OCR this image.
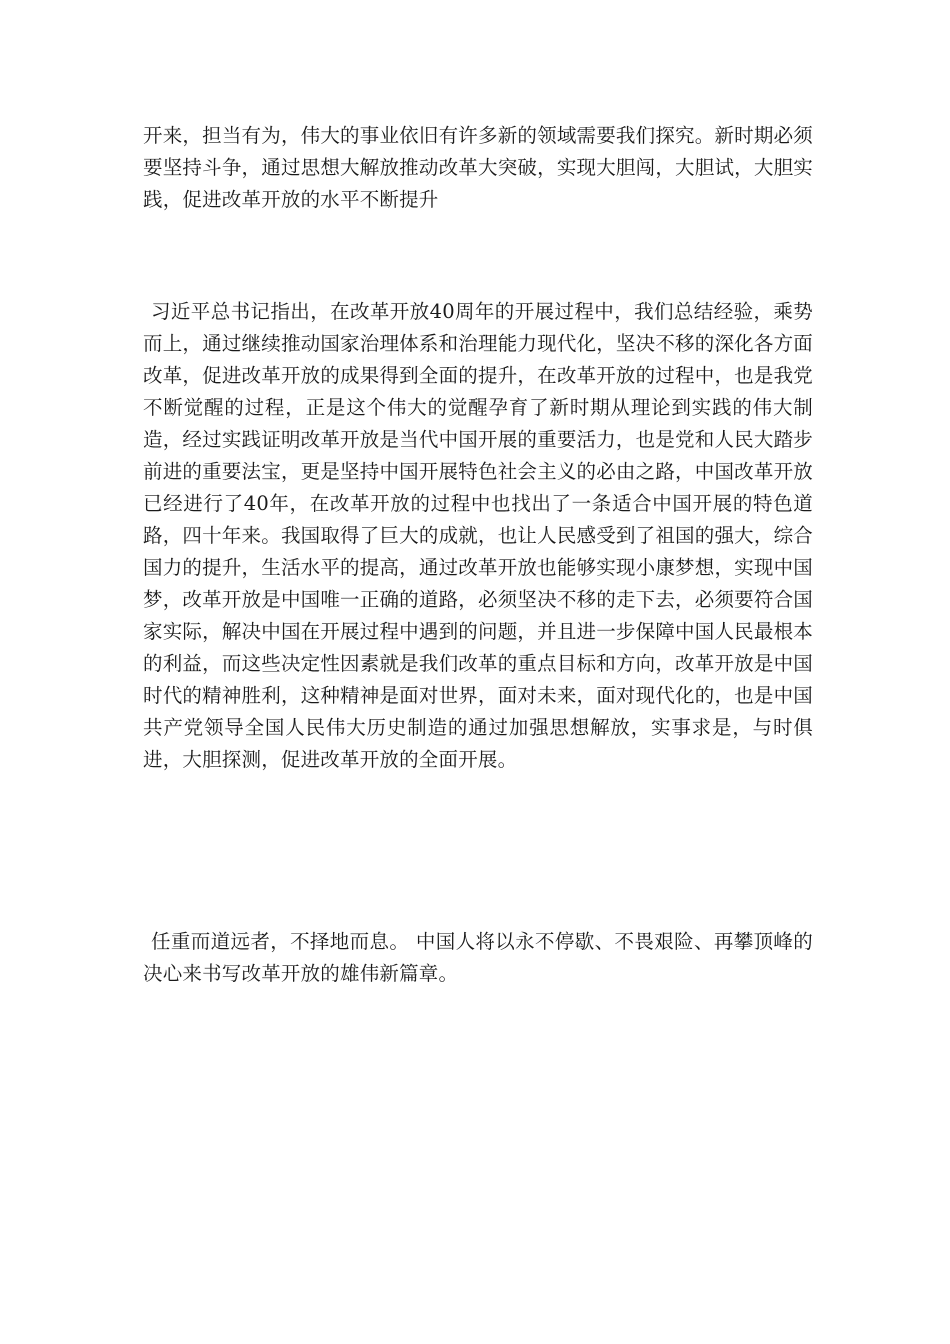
开来，担当有为，伟大的事业依旧有许多新的领域需要我们探究。新时期必须要坚持斗争，通过思想大解放推动改革大突破，实现大胆闯，大胆试，大胆实践，促进改革开放的水平不断提升

习近平总书记指出，在改革开放40周年的开展过程中，我们总结经验，乘势而上，通过继续推动国家治理体系和治理能力现代化，坚决不移的深化各方面改革，促进改革开放的成果得到全面的提升，在改革开放的过程中，也是我党不断觉醒的过程，正是这个伟大的觉醒孕育了新时期从理论到实践的伟大制造，经过实践证明改革开放是当代中国开展的重要活力，也是党和人民大踏步前进的重要法宝，更是坚持中国开展特色社会主义的必由之路，中国改革开放已经进行了40年，在改革开放的过程中也找出了一条适合中国开展的特色道路，四十年来。我国取得了巨大的成就，也让人民感受到了祖国的强大，综合国力的提升，生活水平的提高，通过改革开放也能够实现小康梦想，实现中国梦，改革开放是中国唯一正确的道路，必须坚决不移的走下去，必须要符合国家实际，解决中国在开展过程中遇到的问题，并且进一步保障中国人民最根本的利益，而这些决定性因素就是我们改革的重点目标和方向，改革开放是中国时代的精神胜利，这种精神是面对世界，面对未来，面对现代化的，也是中国共产党领导全国人民伟大历史制造的通过加强思想解放，实事求是，与时俱进，大胆探测，促进改革开放的全面开展。

任重而道远者，不择地而息。 中国人将以永不停歇、不畏艰险、再攀顶峰的决心来书写改革开放的雄伟新篇章。
